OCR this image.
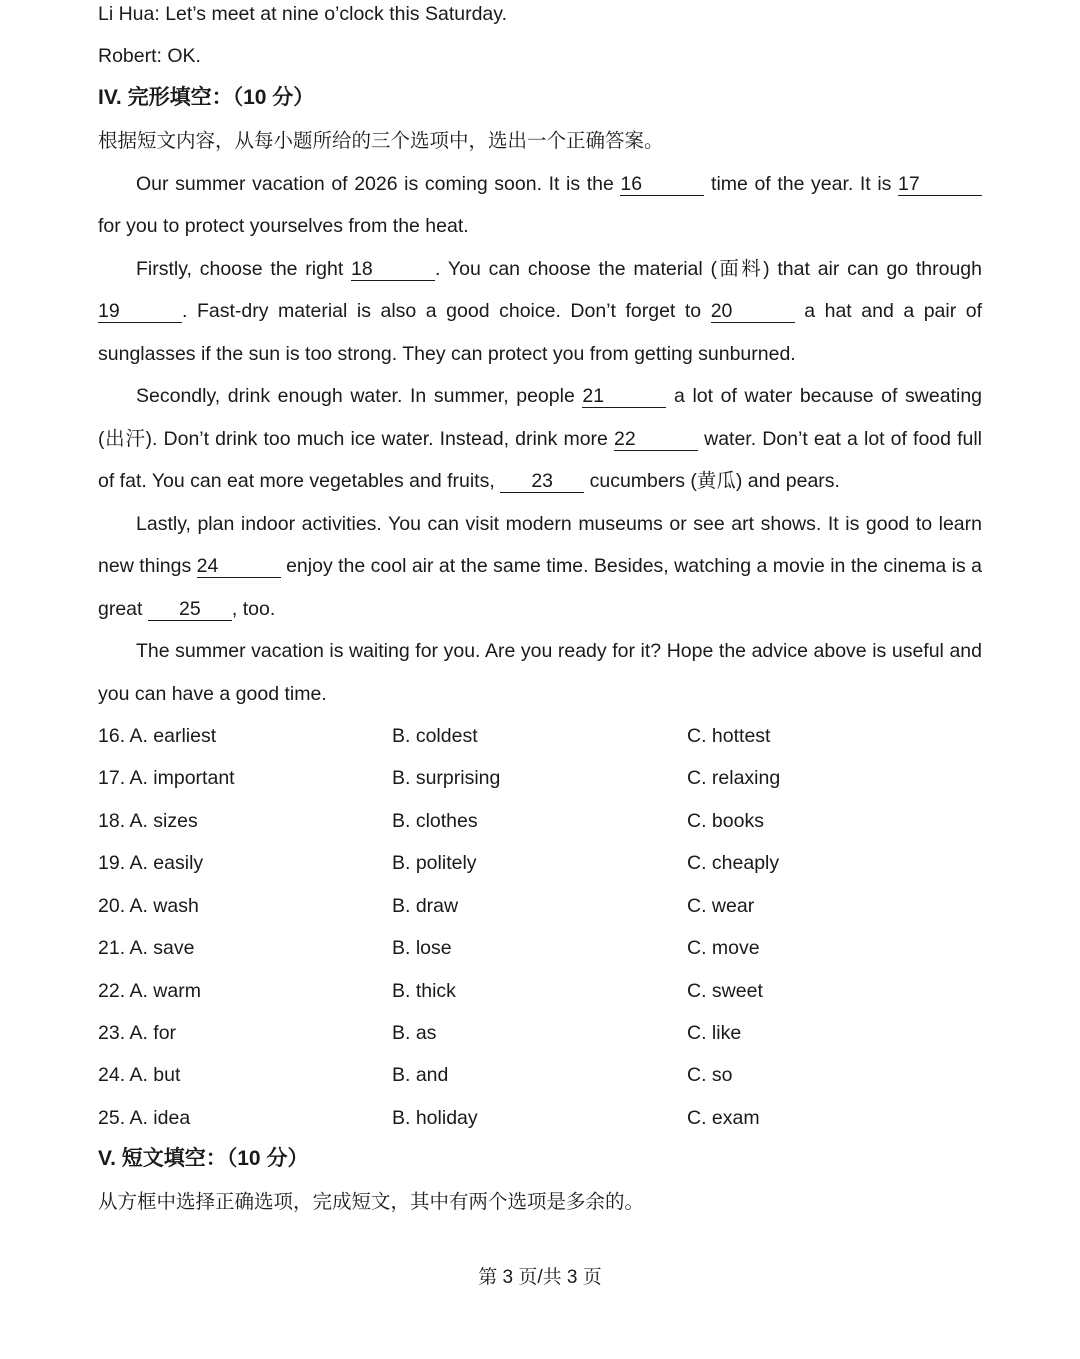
Li Hua: Let’s meet at nine o’clock this Saturday.
Robert: OK.
IV. 完形填空：（10 分）
根据短文内容，从每小题所给的三个选项中，选出一个正确答案。
Our summer vacation of 2026 is coming soon. It is the 16	time of the year. It is 17
for you to protect yourselves from the heat.
Firstly, choose the right 18	. You can choose the material (面料) that air can go through
19	. Fast-dry material is also a good choice. Don’t forget to 20	a hat and a pair of
sunglasses if the sun is too strong. They can protect you from getting sunburned.
Secondly, drink enough water. In summer, people 21	a lot of water because of sweating
(出汗). Don’t drink too much ice water. Instead, drink more 22	water. Don’t eat a lot of food full
of fat. You can eat more vegetables and fruits, 23 cucumbers (黄瓜) and pears.
Lastly, plan indoor activities. You can visit modern museums or see art shows. It is good to learn
new things 24	enjoy the cool air at the same time. Besides, watching a movie in the cinema is a
great 25 , too.
The summer vacation is waiting for you. Are you ready for it? Hope the advice above is useful and
you can have a good time.
16. A. earliest	B. coldest	C. hottest
17. A. important	B. surprising	C. relaxing
18. A. sizes	B. clothes	C. books
19. A. easily	B. politely	C. cheaply
20. A. wash	B. draw	C. wear
21. A. save	B. lose	C. move
22. A. warm	B. thick	C. sweet
23. A. for	B. as	C. like
24. A. but	B. and	C. so
25. A. idea	B. holiday	C. exam
V. 短文填空：（10 分）
从方框中选择正确选项，完成短文，其中有两个选项是多余的。
第 3 页/共 3 页
